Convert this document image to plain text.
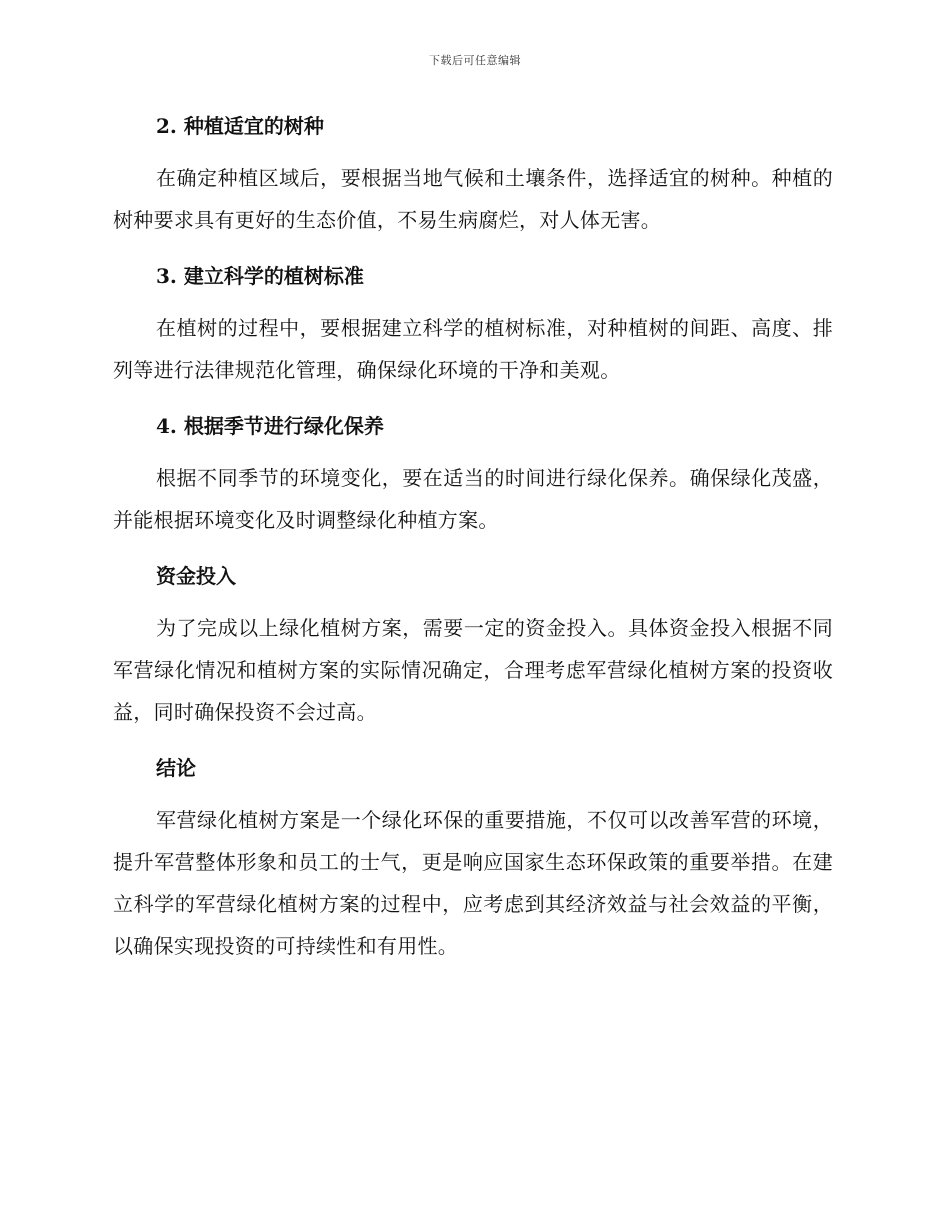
下载后可任意编辑
2. 种植适宜的树种

在确定种植区域后，要根据当地气候和土壤条件，选择适宜的树种。种植的树种要求具有更好的生态价值，不易生病腐烂，对人体无害。

3. 建立科学的植树标准

在植树的过程中，要根据建立科学的植树标准，对种植树的间距、高度、排列等进行法律规范化管理，确保绿化环境的干净和美观。

4. 根据季节进行绿化保养

根据不同季节的环境变化，要在适当的时间进行绿化保养。确保绿化茂盛，并能根据环境变化及时调整绿化种植方案。

资金投入

为了完成以上绿化植树方案，需要一定的资金投入。具体资金投入根据不同军营绿化情况和植树方案的实际情况确定，合理考虑军营绿化植树方案的投资收益，同时确保投资不会过高。

结论

军营绿化植树方案是一个绿化环保的重要措施，不仅可以改善军营的环境，提升军营整体形象和员工的士气，更是响应国家生态环保政策的重要举措。在建立科学的军营绿化植树方案的过程中，应考虑到其经济效益与社会效益的平衡，以确保实现投资的可持续性和有用性。
